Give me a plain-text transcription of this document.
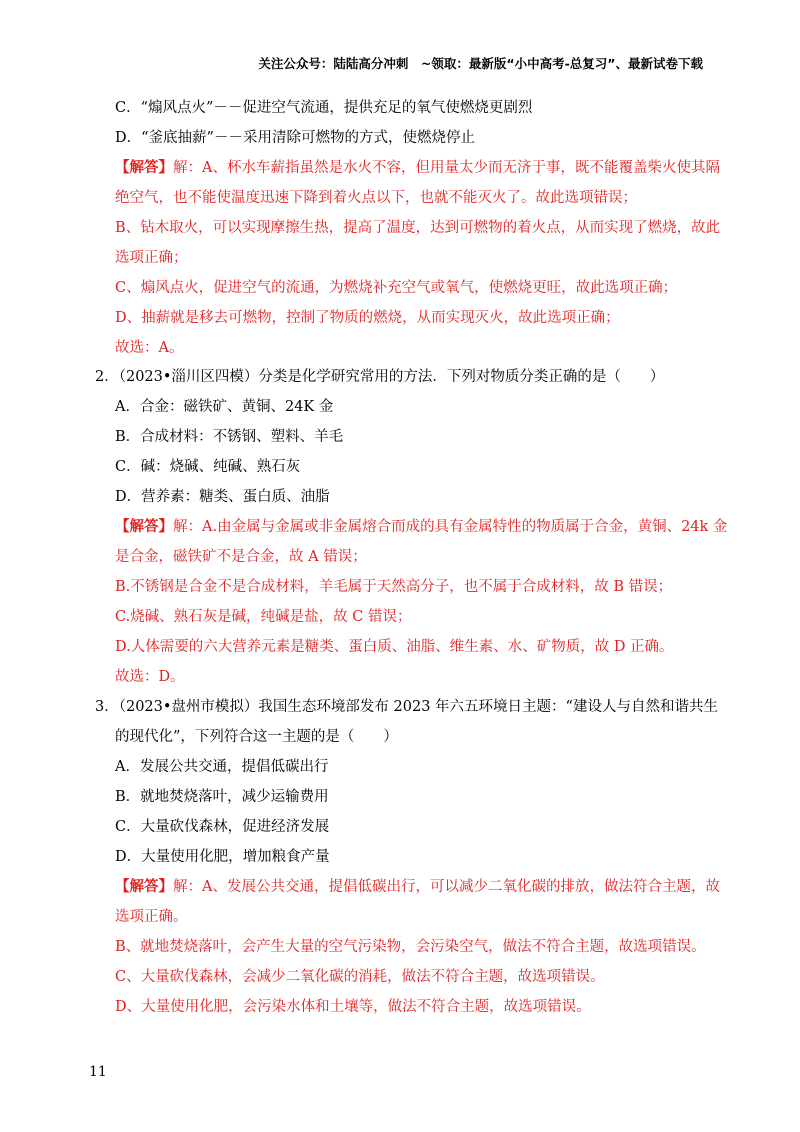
关注公众号：陆陆高分冲刺　~领取：最新版“小中高考-总复习”、最新试卷下载
C．“煽风点火”－－促进空气流通，提供充足的氧气使燃烧更剧烈
D．“釜底抽薪”－－采用清除可燃物的方式，使燃烧停止
【解答】解：A、杯水车薪指虽然是水火不容，但用量太少而无济于事，既不能覆盖柴火使其隔
绝空气，也不能使温度迅速下降到着火点以下，也就不能灭火了。故此选项错误；
B、钻木取火，可以实现摩擦生热，提高了温度，达到可燃物的着火点，从而实现了燃烧，故此
选项正确；
C、煽风点火，促进空气的流通，为燃烧补充空气或氧气，使燃烧更旺，故此选项正确；
D、抽薪就是移去可燃物，控制了物质的燃烧，从而实现灭火，故此选项正确；
故选：A。
2．（2023•淄川区四模）分类是化学研究常用的方法．下列对物质分类正确的是（　　）
A．合金：磁铁矿、黄铜、24K 金
B．合成材料：不锈钢、塑料、羊毛
C．碱：烧碱、纯碱、熟石灰
D．营养素：糖类、蛋白质、油脂
【解答】解：A.由金属与金属或非金属熔合而成的具有金属特性的物质属于合金，黄铜、24k 金
是合金，磁铁矿不是合金，故 A 错误；
B.不锈钢是合金不是合成材料，羊毛属于天然高分子，也不属于合成材料，故 B 错误；
C.烧碱、熟石灰是碱，纯碱是盐，故 C 错误；
D.人体需要的六大营养元素是糖类、蛋白质、油脂、维生素、水、矿物质，故 D 正确。
故选：D。
3．（2023•盘州市模拟）我国生态环境部发布 2023 年六五环境日主题：“建设人与自然和谐共生
的现代化”，下列符合这一主题的是（　　）
A．发展公共交通，提倡低碳出行
B．就地焚烧落叶，减少运输费用
C．大量砍伐森林，促进经济发展
D．大量使用化肥，增加粮食产量
【解答】解：A、发展公共交通，提倡低碳出行，可以减少二氧化碳的排放，做法符合主题，故
选项正确。
B、就地焚烧落叶，会产生大量的空气污染物，会污染空气，做法不符合主题，故选项错误。
C、大量砍伐森林，会减少二氧化碳的消耗，做法不符合主题，故选项错误。
D、大量使用化肥，会污染水体和土壤等，做法不符合主题，故选项错误。
11
